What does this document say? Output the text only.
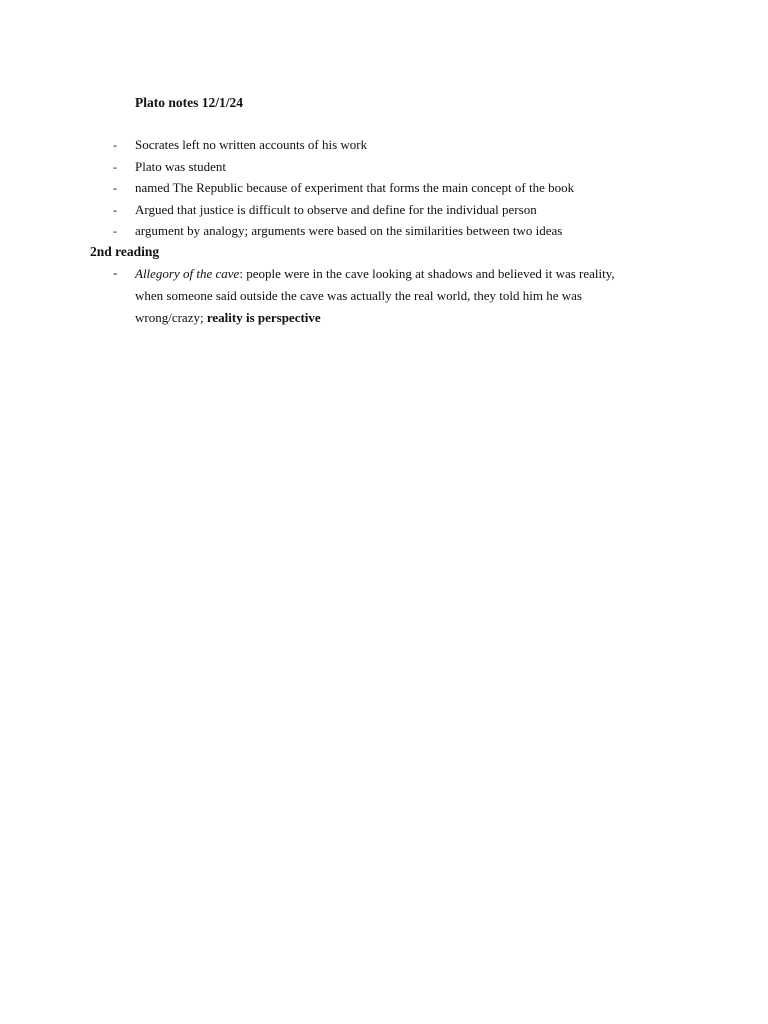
Plato notes 12/1/24
- Socrates left no written accounts of his work
- Plato was student
- named The Republic because of experiment that forms the main concept of the book
- Argued that justice is difficult to observe and define for the individual person
- argument by analogy; arguments were based on the similarities between two ideas
2nd reading
- Allegory of the cave: people were in the cave looking at shadows and believed it was reality, when someone said outside the cave was actually the real world, they told him he was wrong/crazy; reality is perspective
